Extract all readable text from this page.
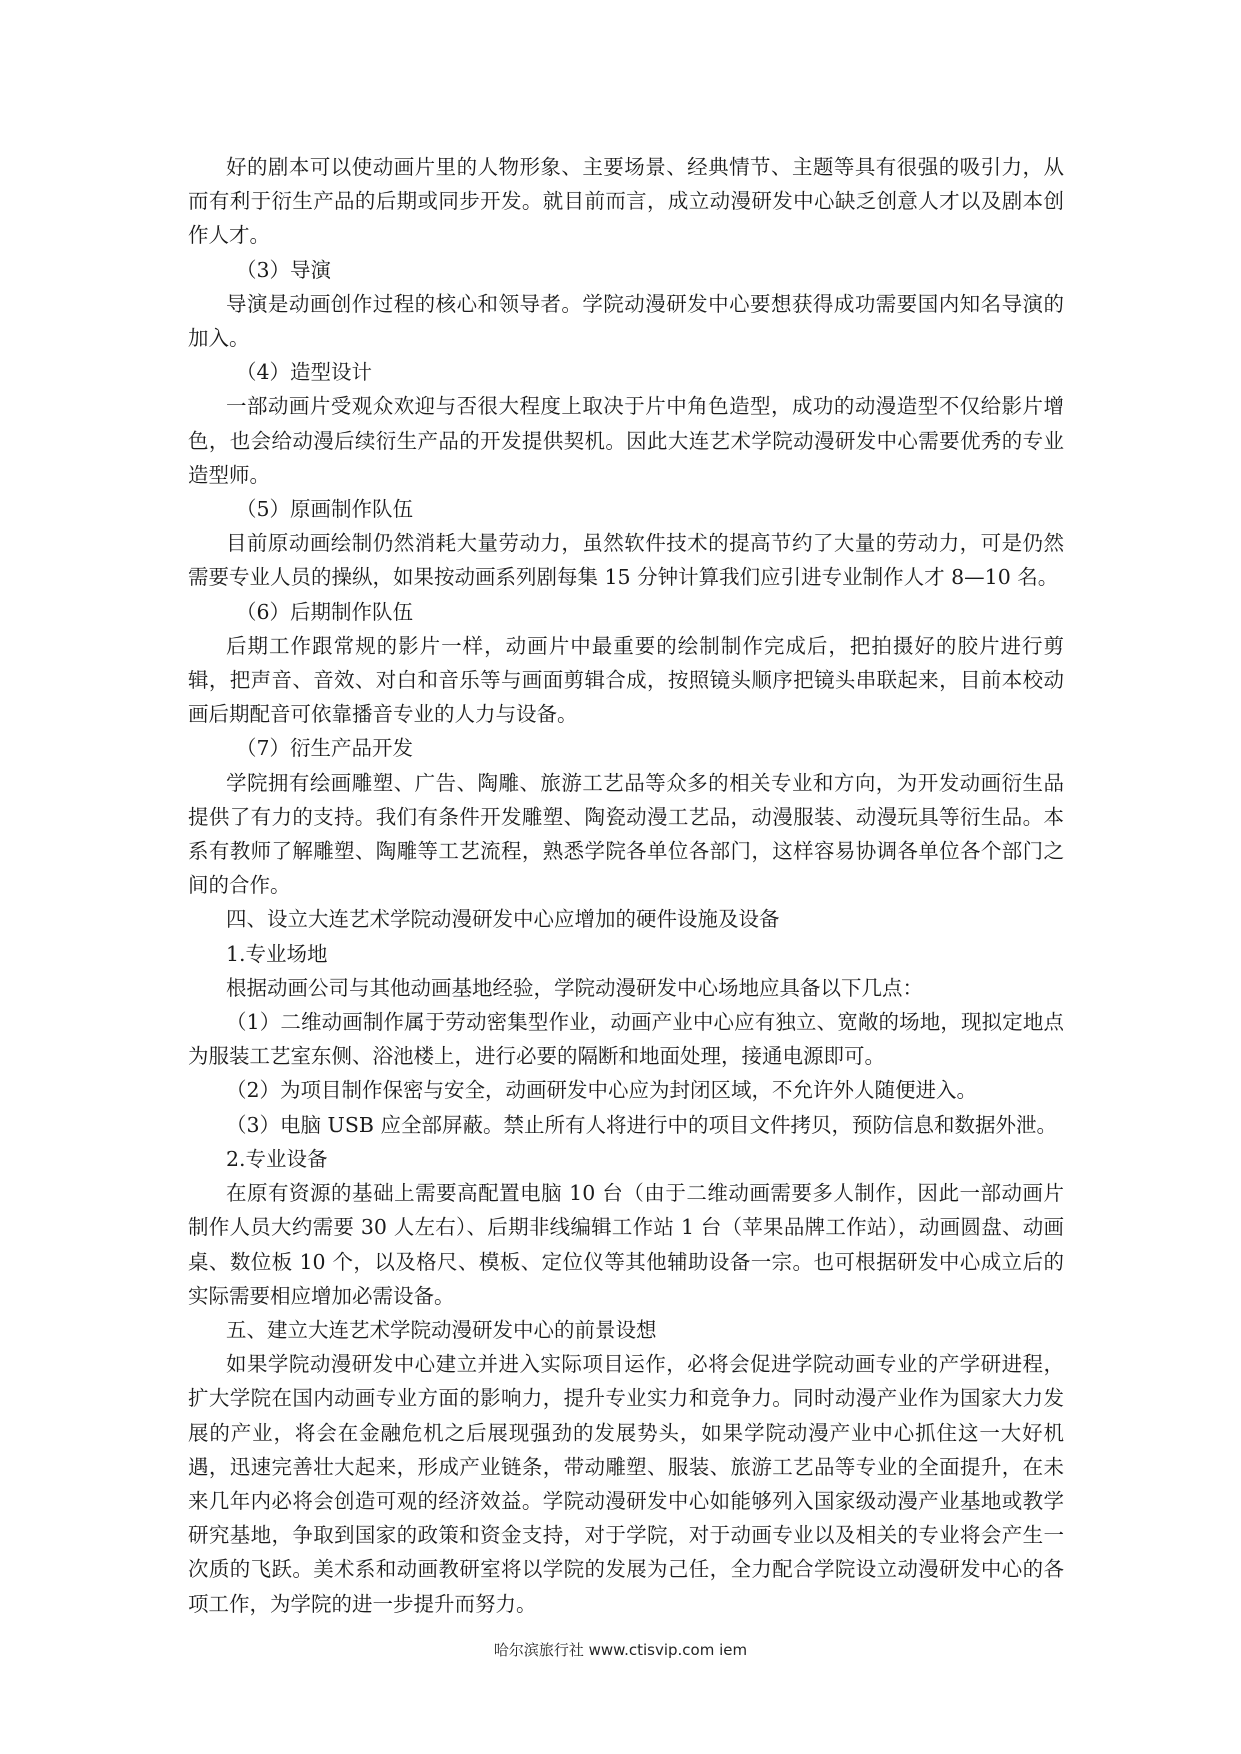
好的剧本可以使动画片里的人物形象、主要场景、经典情节、主题等具有很强的吸引力，从而有利于衍生产品的后期或同步开发。就目前而言，成立动漫研发中心缺乏创意人才以及剧本创作人才。

（3）导演

导演是动画创作过程的核心和领导者。学院动漫研发中心要想获得成功需要国内知名导演的加入。

（4）造型设计

一部动画片受观众欢迎与否很大程度上取决于片中角色造型，成功的动漫造型不仅给影片增色，也会给动漫后续衍生产品的开发提供契机。因此大连艺术学院动漫研发中心需要优秀的专业造型师。

（5）原画制作队伍

目前原动画绘制仍然消耗大量劳动力，虽然软件技术的提高节约了大量的劳动力，可是仍然需要专业人员的操纵，如果按动画系列剧每集 15 分钟计算我们应引进专业制作人才 8—10 名。

（6）后期制作队伍

后期工作跟常规的影片一样，动画片中最重要的绘制制作完成后，把拍摄好的胶片进行剪辑，把声音、音效、对白和音乐等与画面剪辑合成，按照镜头顺序把镜头串联起来，目前本校动画后期配音可依靠播音专业的人力与设备。

（7）衍生产品开发

学院拥有绘画雕塑、广告、陶雕、旅游工艺品等众多的相关专业和方向，为开发动画衍生品提供了有力的支持。我们有条件开发雕塑、陶瓷动漫工艺品，动漫服装、动漫玩具等衍生品。本系有教师了解雕塑、陶雕等工艺流程，熟悉学院各单位各部门，这样容易协调各单位各个部门之间的合作。

四、设立大连艺术学院动漫研发中心应增加的硬件设施及设备

1.专业场地

根据动画公司与其他动画基地经验，学院动漫研发中心场地应具备以下几点：

（1）二维动画制作属于劳动密集型作业，动画产业中心应有独立、宽敞的场地，现拟定地点为服装工艺室东侧、浴池楼上，进行必要的隔断和地面处理，接通电源即可。

（2）为项目制作保密与安全，动画研发中心应为封闭区域，不允许外人随便进入。

（3）电脑 USB 应全部屏蔽。禁止所有人将进行中的项目文件拷贝，预防信息和数据外泄。

2.专业设备

在原有资源的基础上需要高配置电脑 10 台（由于二维动画需要多人制作，因此一部动画片制作人员大约需要 30 人左右）、后期非线编辑工作站 1 台（苹果品牌工作站），动画圆盘、动画桌、数位板 10 个，以及格尺、模板、定位仪等其他辅助设备一宗。也可根据研发中心成立后的实际需要相应增加必需设备。

五、建立大连艺术学院动漫研发中心的前景设想

如果学院动漫研发中心建立并进入实际项目运作，必将会促进学院动画专业的产学研进程，扩大学院在国内动画专业方面的影响力，提升专业实力和竞争力。同时动漫产业作为国家大力发展的产业，将会在金融危机之后展现强劲的发展势头，如果学院动漫产业中心抓住这一大好机遇，迅速完善壮大起来，形成产业链条，带动雕塑、服装、旅游工艺品等专业的全面提升，在未来几年内必将会创造可观的经济效益。学院动漫研发中心如能够列入国家级动漫产业基地或教学研究基地，争取到国家的政策和资金支持，对于学院，对于动画专业以及相关的专业将会产生一次质的飞跃。美术系和动画教研室将以学院的发展为己任，全力配合学院设立动漫研发中心的各项工作，为学院的进一步提升而努力。

哈尔滨旅行社 www.ctisvip.com iem
